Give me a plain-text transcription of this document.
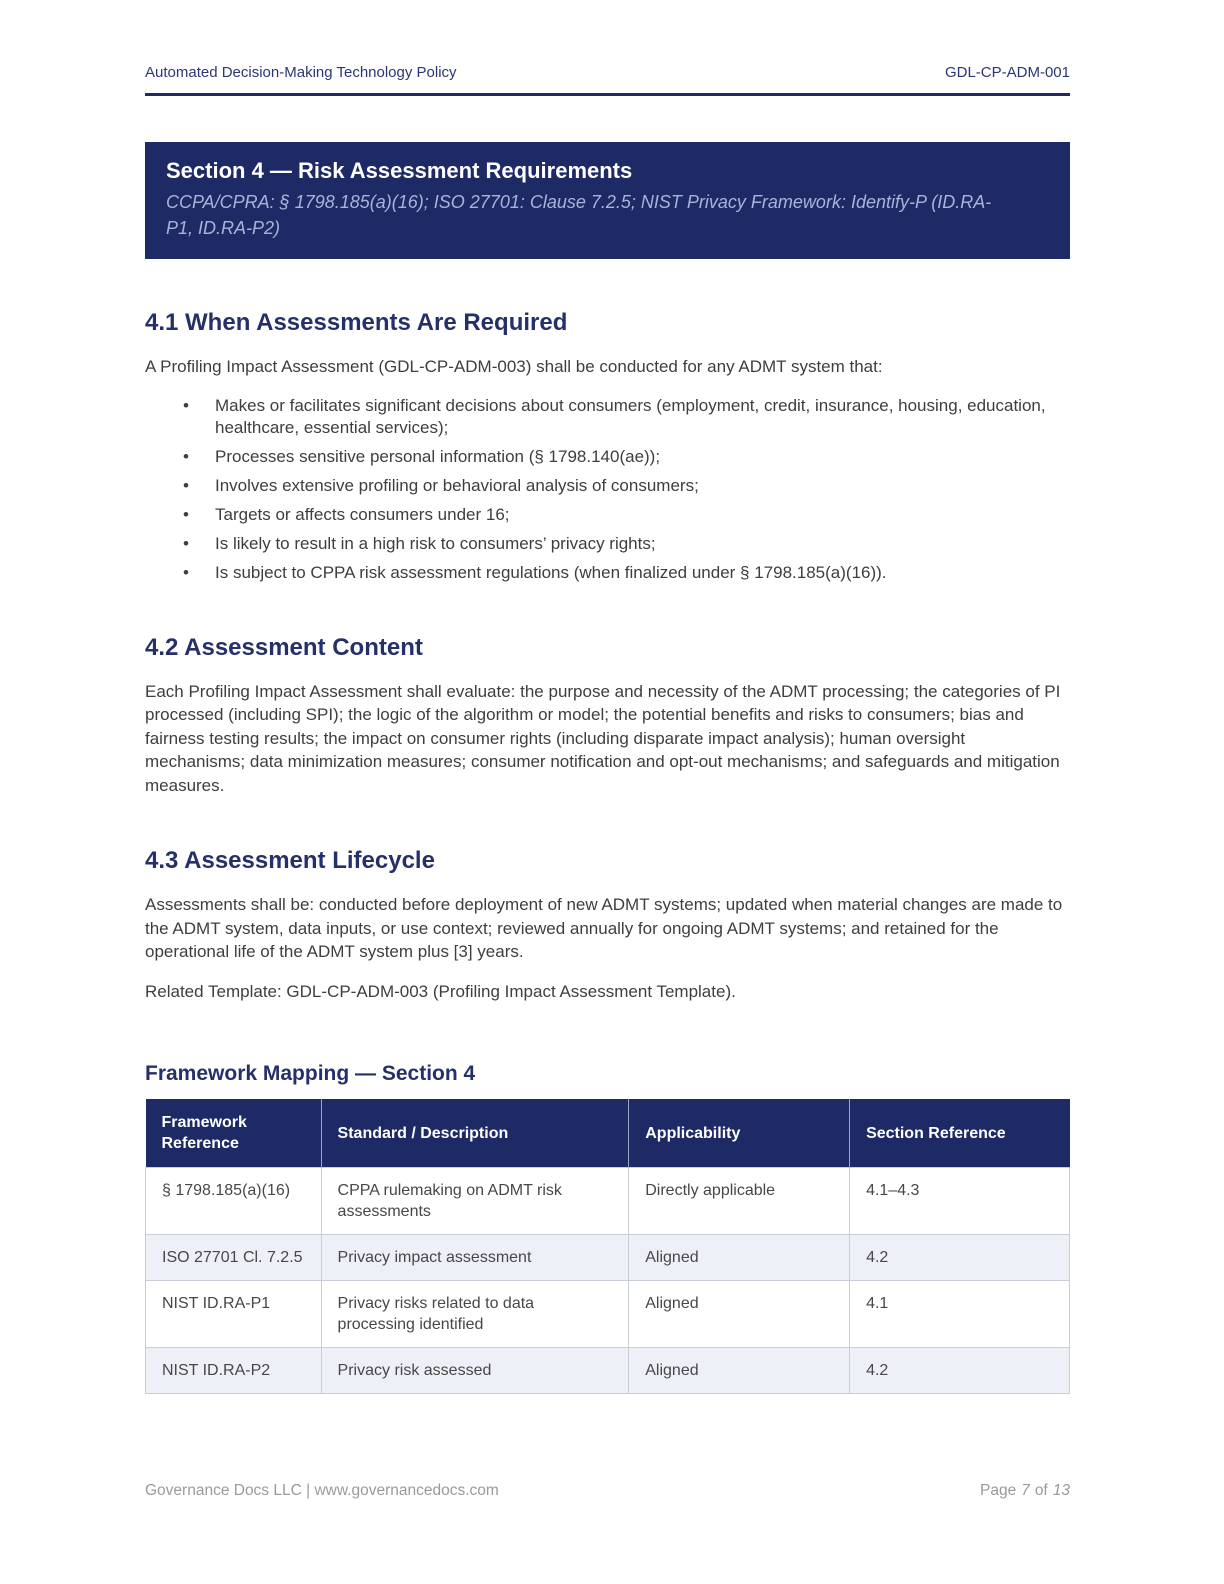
Automated Decision-Making Technology Policy	GDL-CP-ADM-001
Section 4 — Risk Assessment Requirements
CCPA/CPRA: § 1798.185(a)(16); ISO 27701: Clause 7.2.5; NIST Privacy Framework: Identify-P (ID.RA-P1, ID.RA-P2)
4.1 When Assessments Are Required

A Profiling Impact Assessment (GDL-CP-ADM-003) shall be conducted for any ADMT system that:

• Makes or facilitates significant decisions about consumers (employment, credit, insurance, housing, education, healthcare, essential services);
• Processes sensitive personal information (§ 1798.140(ae));
• Involves extensive profiling or behavioral analysis of consumers;
• Targets or affects consumers under 16;
• Is likely to result in a high risk to consumers’ privacy rights;
• Is subject to CPPA risk assessment regulations (when finalized under § 1798.185(a)(16)).
4.2 Assessment Content

Each Profiling Impact Assessment shall evaluate: the purpose and necessity of the ADMT processing; the categories of PI processed (including SPI); the logic of the algorithm or model; the potential benefits and risks to consumers; bias and fairness testing results; the impact on consumer rights (including disparate impact analysis); human oversight mechanisms; data minimization measures; consumer notification and opt-out mechanisms; and safeguards and mitigation measures.

4.3 Assessment Lifecycle

Assessments shall be: conducted before deployment of new ADMT systems; updated when material changes are made to the ADMT system, data inputs, or use context; reviewed annually for ongoing ADMT systems; and retained for the operational life of the ADMT system plus [3] years.

Related Template: GDL-CP-ADM-003 (Profiling Impact Assessment Template).

Framework Mapping — Section 4
Framework Reference	Standard / Description	Applicability	Section Reference
§ 1798.185(a)(16)	CPPA rulemaking on ADMT risk assessments	Directly applicable	4.1–4.3
ISO 27701 Cl. 7.2.5	Privacy impact assessment	Aligned	4.2
NIST ID.RA-P1	Privacy risks related to data processing identified	Aligned	4.1
NIST ID.RA-P2	Privacy risk assessed	Aligned	4.2
Governance Docs LLC | www.governancedocs.com	Page 7 of 13
